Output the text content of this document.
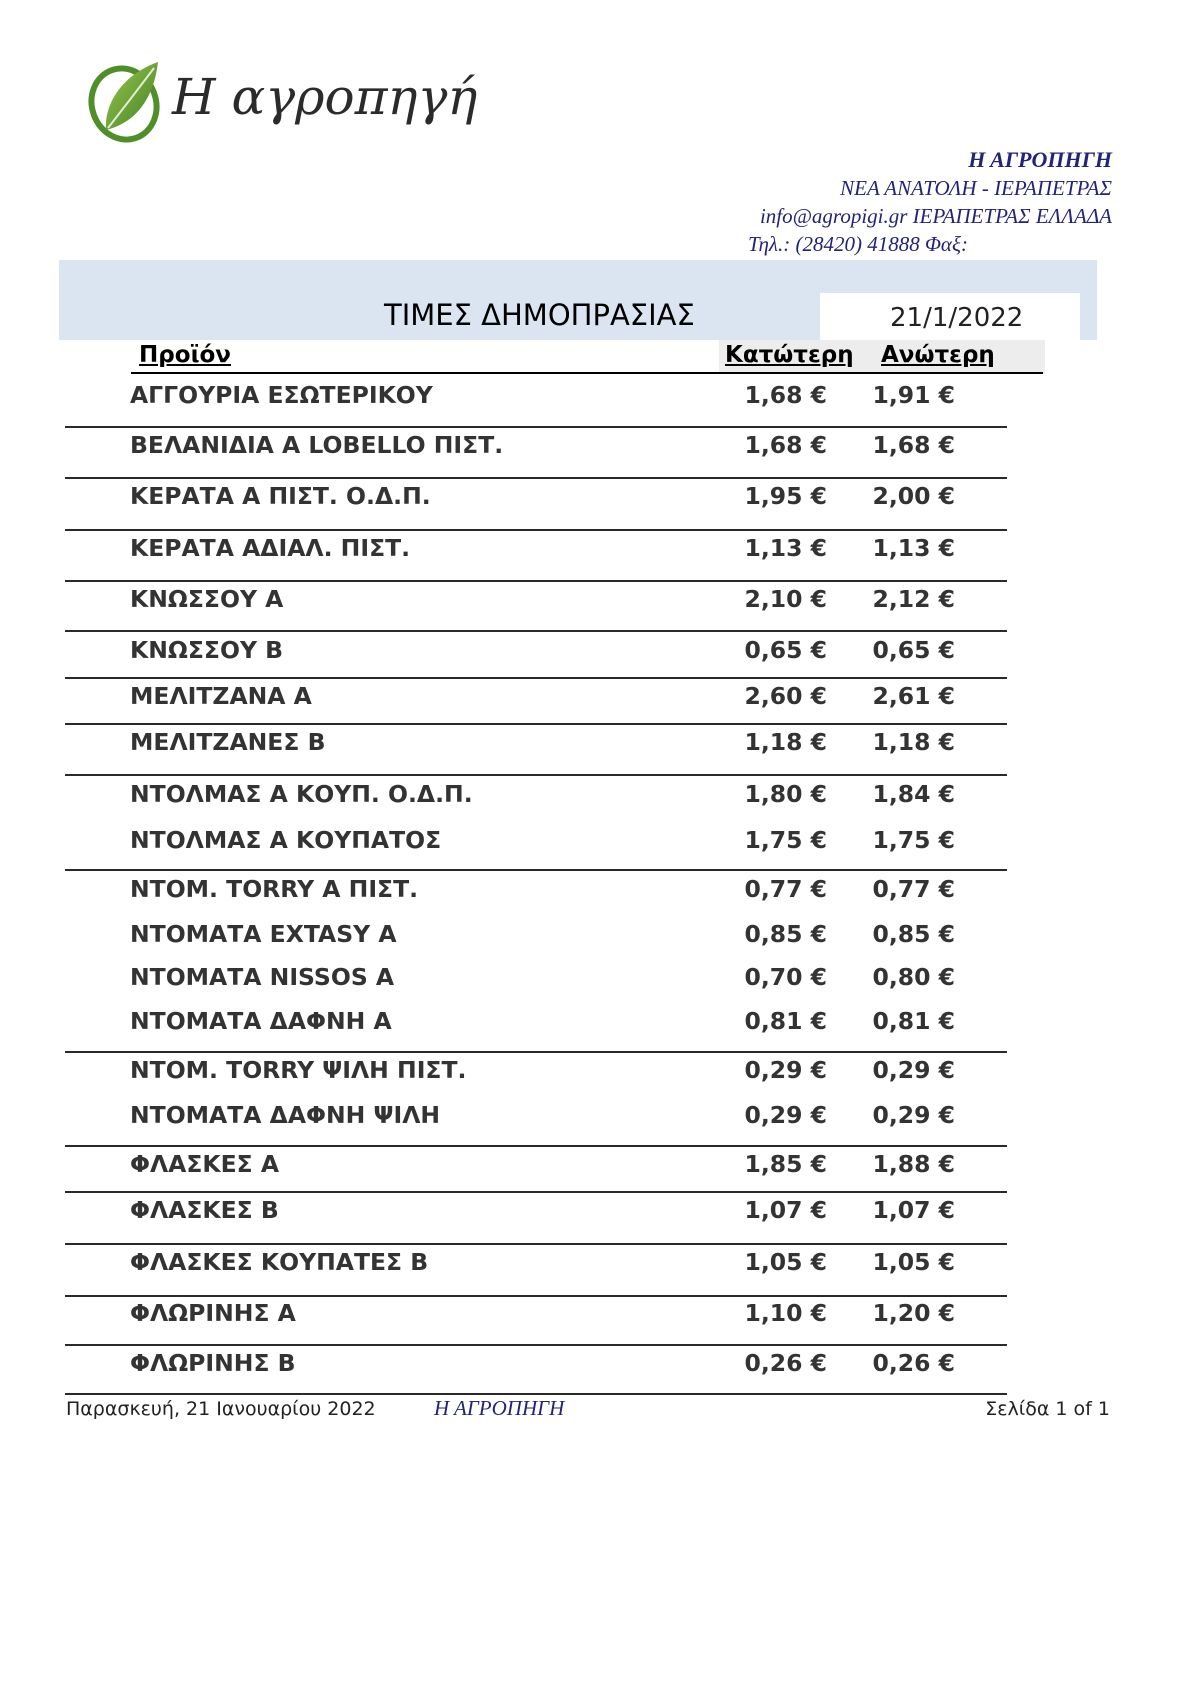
Η αγροπηγή
Η ΑΓΡΟΠΗΓΗ
ΝΕΑ ΑΝΑΤΟΛΗ - ΙΕΡΑΠΕΤΡΑΣ
info@agropigi.gr ΙΕΡΑΠΕΤΡΑΣ ΕΛΛΑΔΑ
Τηλ.: (28420) 41888 Φαξ:
ΤΙΜΕΣ ΔΗΜΟΠΡΑΣΙΑΣ	21/1/2022
Προϊόν	Κατώτερη Ανώτερη
ΑΓΓΟΥΡΙΑ ΕΣΩΤΕΡΙΚΟΥ	1,68 €	1,91 €
ΒΕΛΑΝΙΔΙΑ Α LOBELLO ΠΙΣΤ.	1,68 €	1,68 €
ΚΕΡΑΤΑ Α ΠΙΣΤ. Ο.Δ.Π.	1,95 €	2,00 €
ΚΕΡΑΤΑ ΑΔΙΑΛ. ΠΙΣΤ.	1,13 €	1,13 €
ΚΝΩΣΣΟΥ Α	2,10 €	2,12 €
ΚΝΩΣΣΟΥ Β	0,65 €	0,65 €
ΜΕΛΙΤΖΑΝΑ Α	2,60 €	2,61 €
ΜΕΛΙΤΖΑΝΕΣ Β	1,18 €	1,18 €
ΝΤΟΛΜΑΣ Α ΚΟΥΠ. Ο.Δ.Π.	1,80 €	1,84 €
ΝΤΟΛΜΑΣ Α ΚΟΥΠΑΤΟΣ	1,75 €	1,75 €
ΝΤΟΜ. TORRY Α ΠΙΣΤ.	0,77 €	0,77 €
ΝΤΟΜΑΤΑ EXTASY Α	0,85 €	0,85 €
ΝΤΟΜΑΤΑ NISSOS Α	0,70 €	0,80 €
ΝΤΟΜΑΤΑ ΔΑΦΝΗ Α	0,81 €	0,81 €
ΝΤΟΜ. TORRY ΨΙΛΗ ΠΙΣΤ.	0,29 €	0,29 €
ΝΤΟΜΑΤΑ ΔΑΦΝΗ ΨΙΛΗ	0,29 €	0,29 €
ΦΛΑΣΚΕΣ Α	1,85 €	1,88 €
ΦΛΑΣΚΕΣ Β	1,07 €	1,07 €
ΦΛΑΣΚΕΣ ΚΟΥΠΑΤΕΣ Β	1,05 €	1,05 €
ΦΛΩΡΙΝΗΣ Α	1,10 €	1,20 €
ΦΛΩΡΙΝΗΣ Β	0,26 €	0,26 €
Παρασκευή, 21 Ιανουαρίου 2022	Η ΑΓΡΟΠΗΓΗ	Σελίδα 1 of 1
